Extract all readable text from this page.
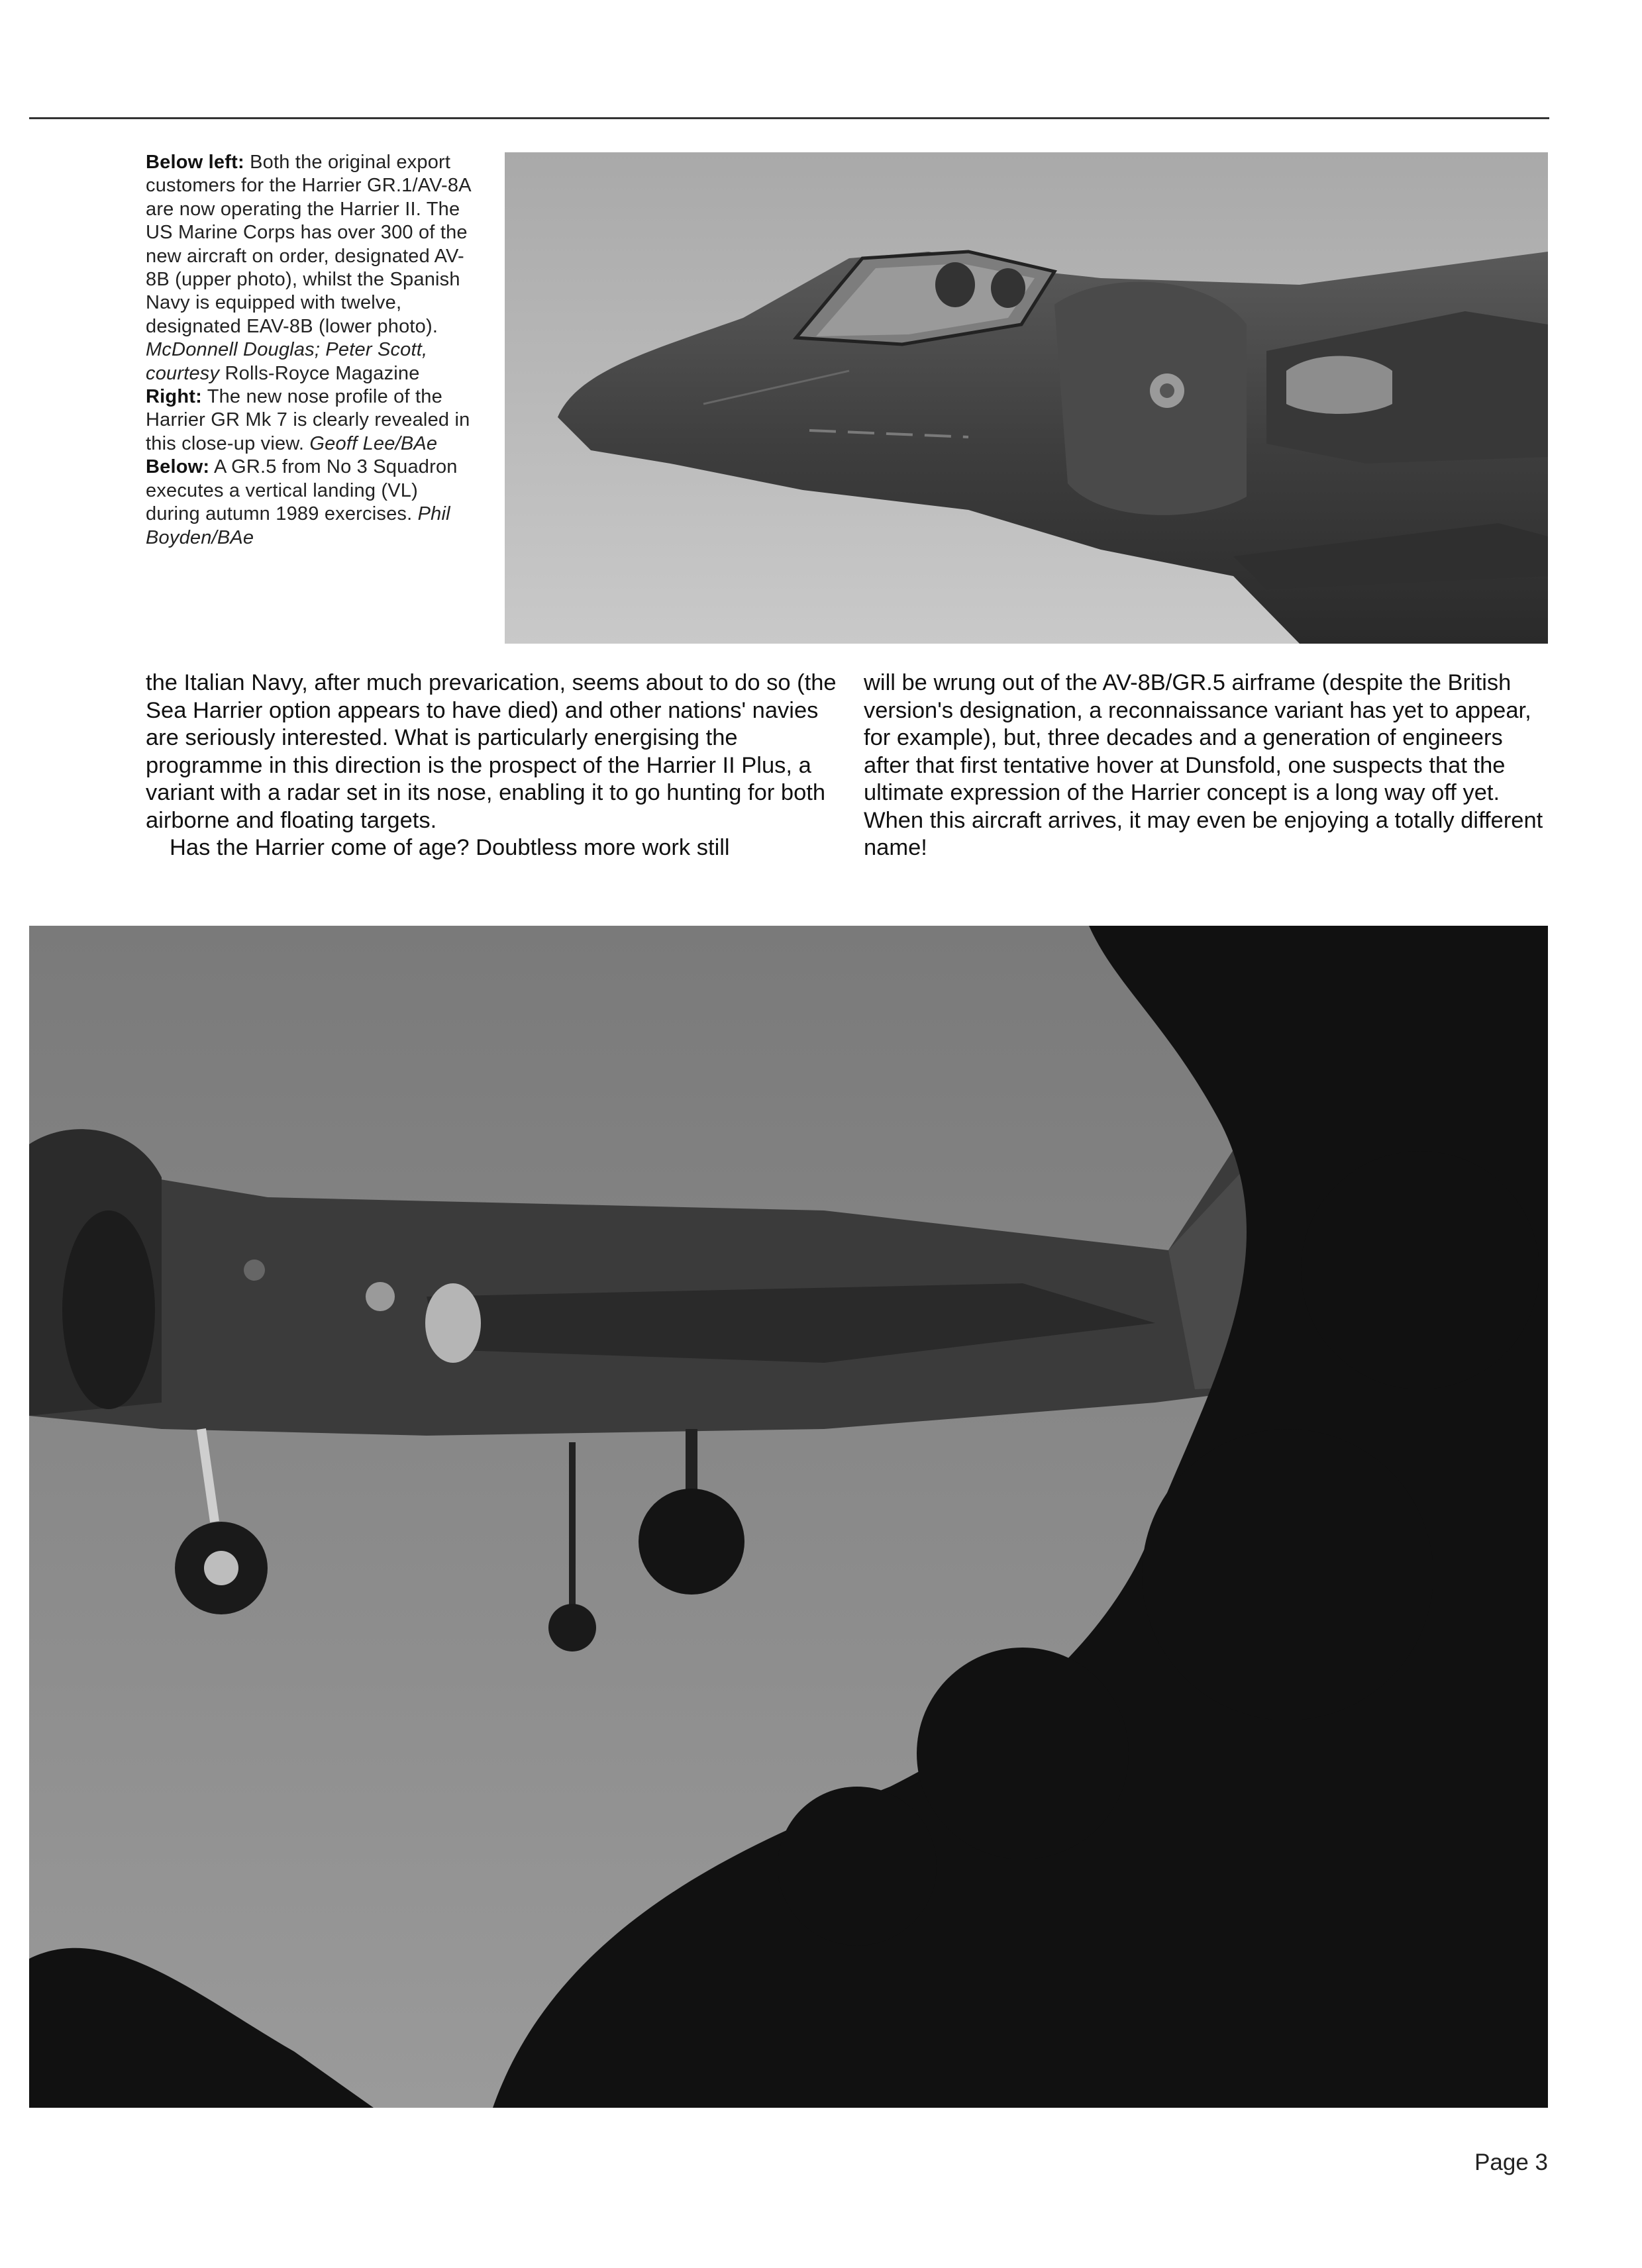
Below left: Both the original export customers for the Harrier GR.1/AV-8A are now operating the Harrier II. The US Marine Corps has over 300 of the new aircraft on order, designated AV-8B (upper photo), whilst the Spanish Navy is equipped with twelve, designated EAV-8B (lower photo). McDonnell Douglas; Peter Scott, courtesy Rolls-Royce Magazine

Right: The new nose profile of the Harrier GR Mk 7 is clearly revealed in this close-up view. Geoff Lee/BAe

Below: A GR.5 from No 3 Squadron executes a vertical landing (VL) during autumn 1989 exercises. Phil Boyden/BAe

the Italian Navy, after much prevarication, seems about to do so (the Sea Harrier option appears to have died) and other nations' navies are seriously interested. What is particularly energising the programme in this direction is the prospect of the Harrier II Plus, a variant with a radar set in its nose, enabling it to go hunting for both airborne and floating targets.

Has the Harrier come of age? Doubtless more work still

will be wrung out of the AV-8B/GR.5 airframe (despite the British version's designation, a reconnaissance variant has yet to appear, for example), but, three decades and a generation of engineers after that first tentative hover at Dunsfold, one suspects that the ultimate expression of the Harrier concept is a long way off yet. When this aircraft arrives, it may even be enjoying a totally different name!

Page 3
